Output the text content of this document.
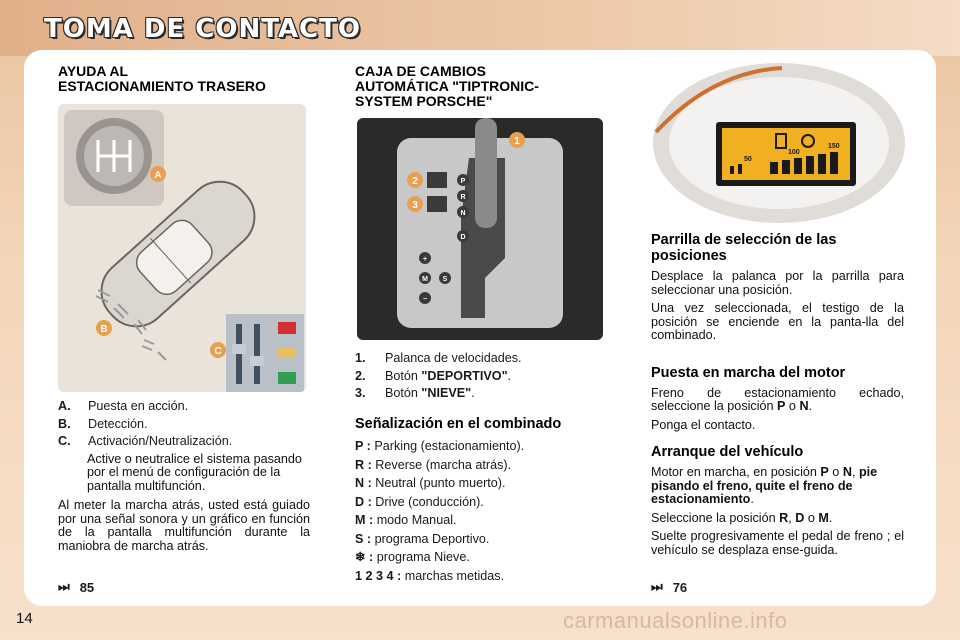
TOMA DE CONTACTO
AYUDA AL
ESTACIONAMIENTO TRASERO
A
B
C
A.	Puesta en acción.
B.	Detección.
C.	Activación/Neutralización.
Active o neutralice el sistema pasando por el menú de configuración de la pantalla multifunción.
Al meter la marcha atrás, usted está guiado por una señal sonora y un gráfico en función de la pantalla multifunción durante la maniobra de marcha atrás.
⏭ 85
CAJA DE CAMBIOS
AUTOMÁTICA "TIPTRONIC-
SYSTEM PORSCHE"
1
2
3
P
R
N
D
+
M S
−
1.	Palanca de velocidades.
2.	Botón "DEPORTIVO".
3.	Botón "NIEVE".
Señalización en el combinado
P : Parking (estacionamiento).
R : Reverse (marcha atrás).
N : Neutral (punto muerto).
D : Drive (conducción).
M : modo Manual.
S : programa Deportivo.
❄ : programa Nieve.
1 2 3 4 : marchas metidas.
50
100
150
Parrilla de selección de las
posiciones
Desplace la palanca por la parrilla para seleccionar una posición.
Una vez seleccionada, el testigo de la posición se enciende en la panta-lla del combinado.
Puesta en marcha del motor
Freno de estacionamiento echado, seleccione la posición P o N.
Ponga el contacto.
Arranque del vehículo
Motor en marcha, en posición P o N, pie pisando el freno, quite el freno de estacionamiento.
Seleccione la posición R, D o M.
Suelte progresivamente el pedal de freno ; el vehículo se desplaza ense-guida.
⏭ 76
14	carmanualsonline.info
